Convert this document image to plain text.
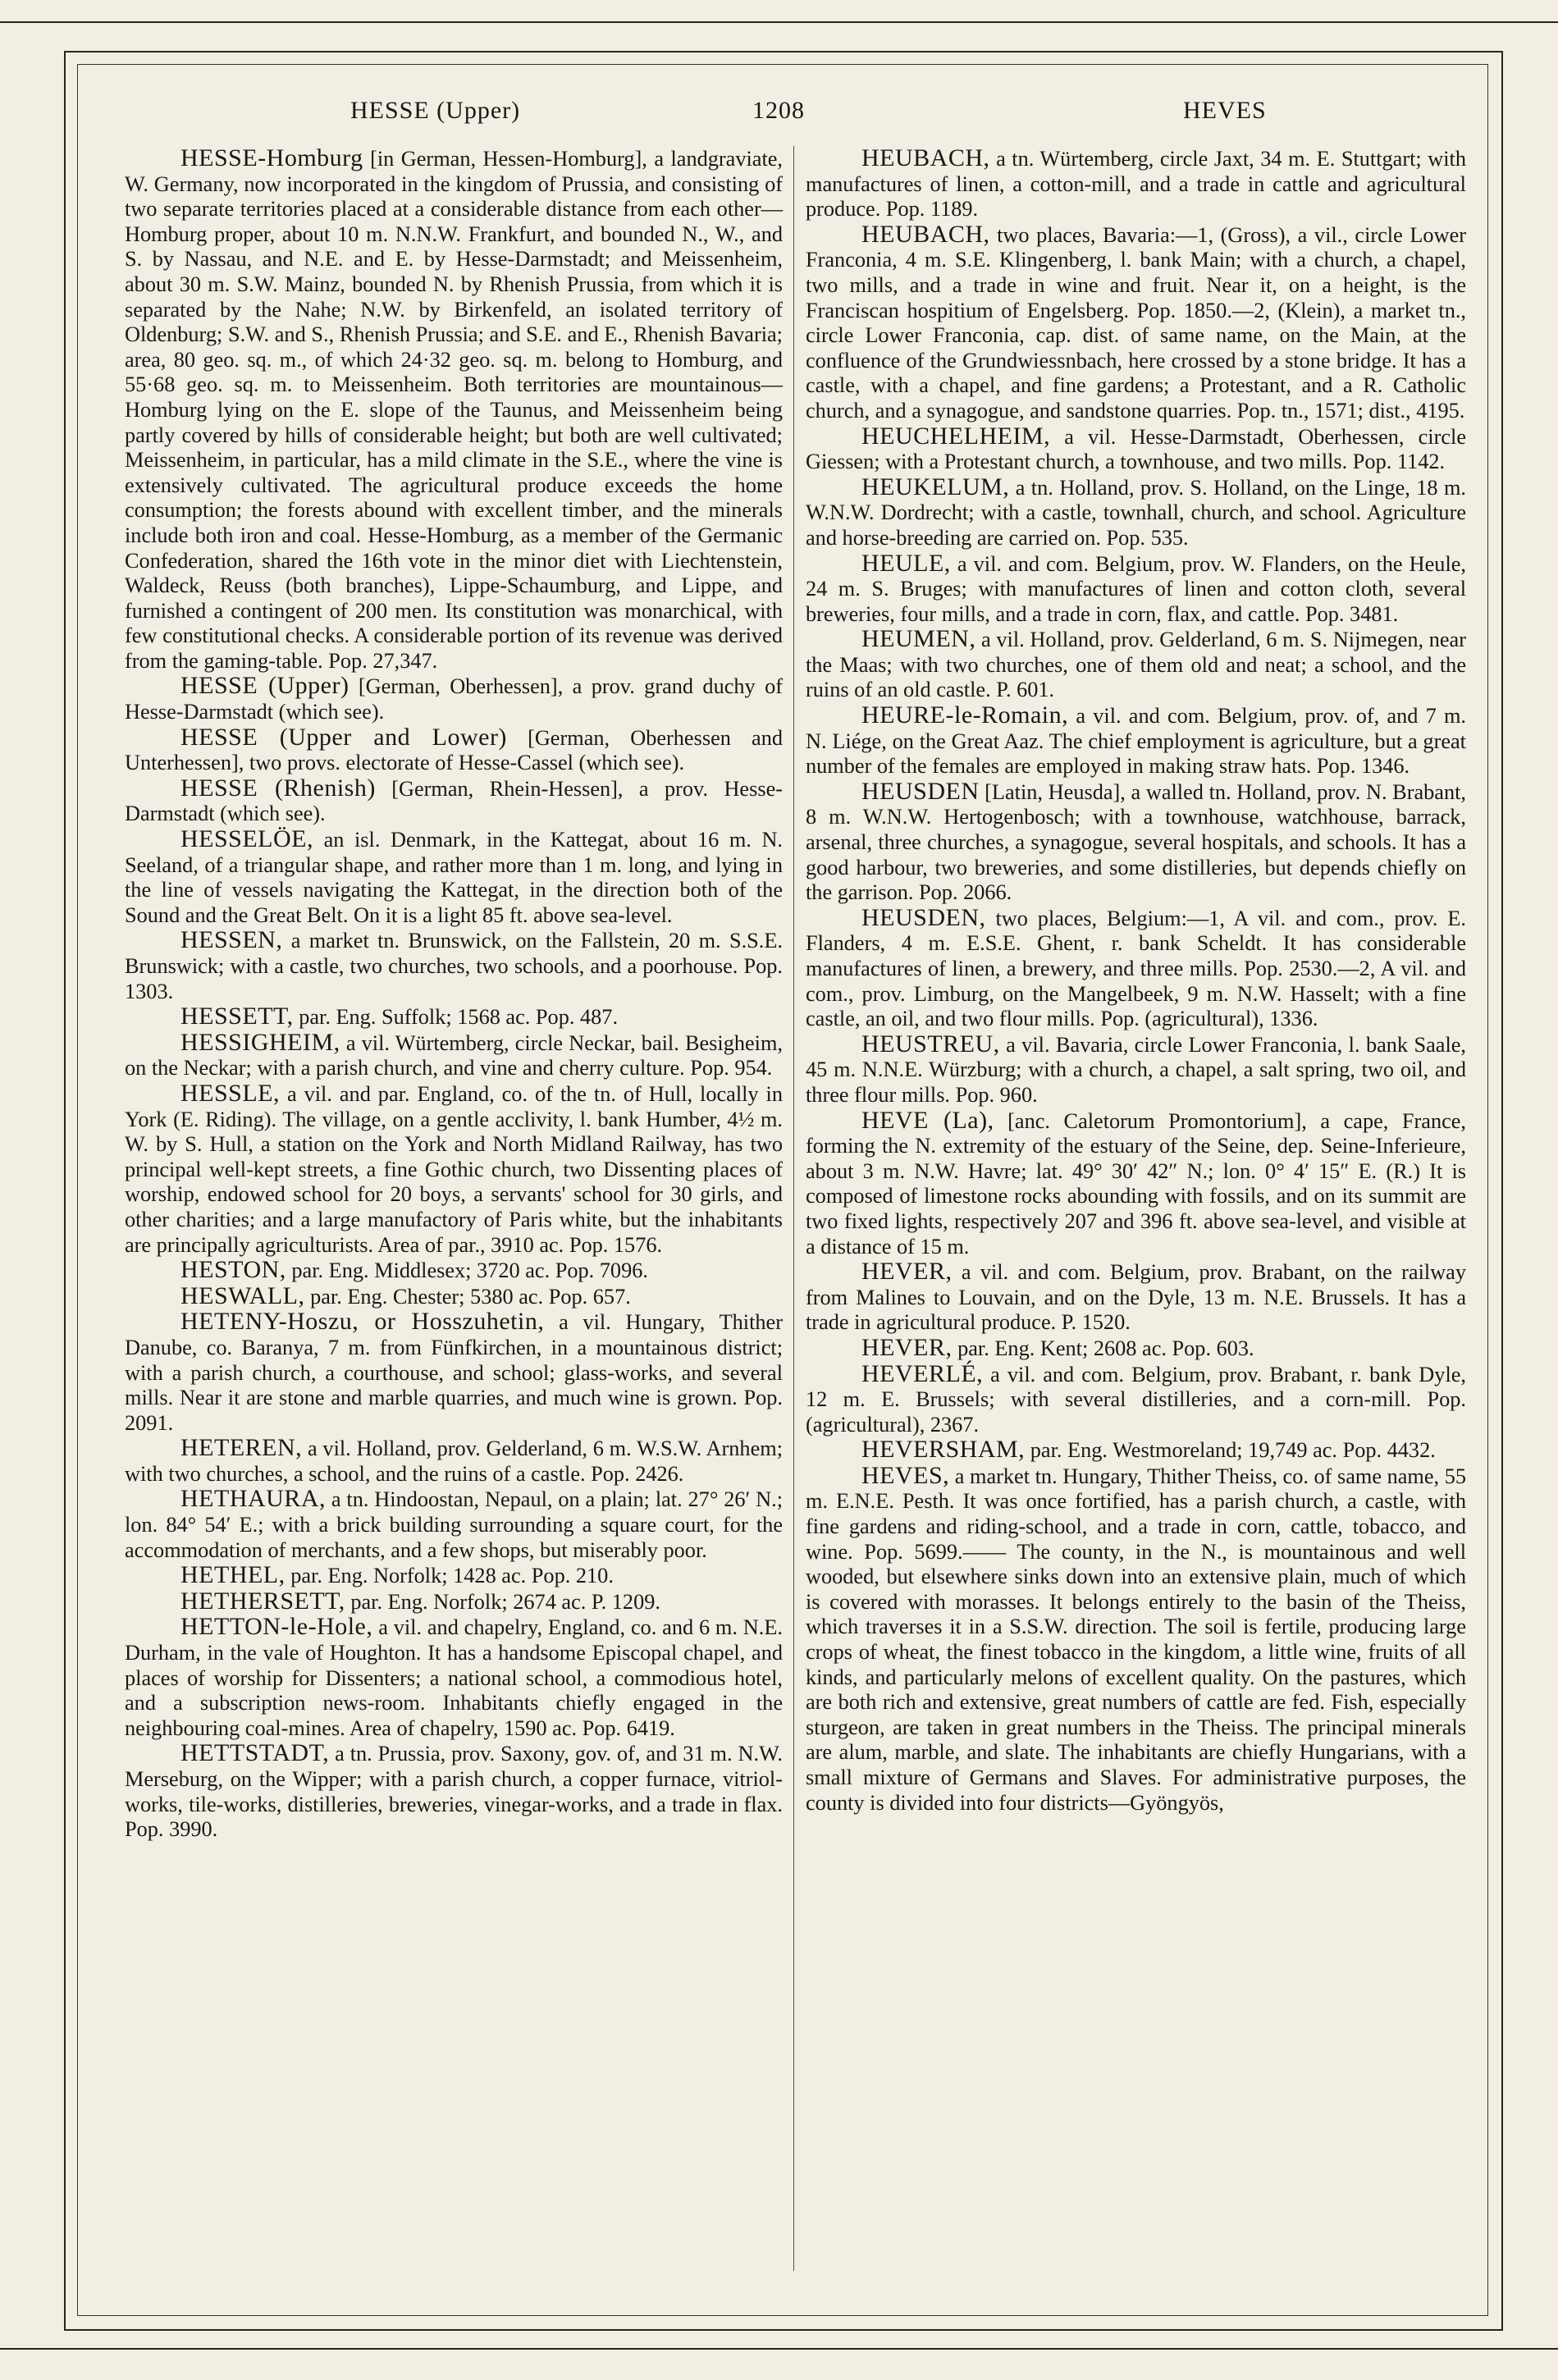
HESSE (Upper)	1208	HEVES

HESSE-Homburg [in German, Hessen-Homburg], a landgraviate, W. Germany, now incorporated in the kingdom of Prussia, and consisting of two separate territories placed at a considerable distance from each other—Homburg proper, about 10 m. N.N.W. Frankfurt, and bounded N., W., and S. by Nassau, and N.E. and E. by Hesse-Darmstadt; and Meissenheim, about 30 m. S.W. Mainz, bounded N. by Rhenish Prussia, from which it is separated by the Nahe; N.W. by Birkenfeld, an isolated territory of Oldenburg; S.W. and S., Rhenish Prussia; and S.E. and E., Rhenish Bavaria; area, 80 geo. sq. m., of which 24·32 geo. sq. m. belong to Homburg, and 55·68 geo. sq. m. to Meissenheim. Both territories are mountainous—Homburg lying on the E. slope of the Taunus, and Meissenheim being partly covered by hills of considerable height; but both are well cultivated; Meissenheim, in particular, has a mild climate in the S.E., where the vine is extensively cultivated. The agricultural produce exceeds the home consumption; the forests abound with excellent timber, and the minerals include both iron and coal. Hesse-Homburg, as a member of the Germanic Confederation, shared the 16th vote in the minor diet with Liechtenstein, Waldeck, Reuss (both branches), Lippe-Schaumburg, and Lippe, and furnished a contingent of 200 men. Its constitution was monarchical, with few constitutional checks. A considerable portion of its revenue was derived from the gaming-table. Pop. 27,347.

HESSE (Upper) [German, Oberhessen], a prov. grand duchy of Hesse-Darmstadt (which see).

HESSE (Upper and Lower) [German, Oberhessen and Unterhessen], two provs. electorate of Hesse-Cassel (which see).

HESSE (Rhenish) [German, Rhein-Hessen], a prov. Hesse-Darmstadt (which see).

HESSELÖE, an isl. Denmark, in the Kattegat, about 16 m. N. Seeland, of a triangular shape, and rather more than 1 m. long, and lying in the line of vessels navigating the Kattegat, in the direction both of the Sound and the Great Belt. On it is a light 85 ft. above sea-level.

HESSEN, a market tn. Brunswick, on the Fallstein, 20 m. S.S.E. Brunswick; with a castle, two churches, two schools, and a poorhouse. Pop. 1303.

HESSETT, par. Eng. Suffolk; 1568 ac. Pop. 487.

HESSIGHEIM, a vil. Würtemberg, circle Neckar, bail. Besigheim, on the Neckar; with a parish church, and vine and cherry culture. Pop. 954.

HESSLE, a vil. and par. England, co. of the tn. of Hull, locally in York (E. Riding). The village, on a gentle acclivity, l. bank Humber, 4½ m. W. by S. Hull, a station on the York and North Midland Railway, has two principal well-kept streets, a fine Gothic church, two Dissenting places of worship, endowed school for 20 boys, a servants' school for 30 girls, and other charities; and a large manufactory of Paris white, but the inhabitants are principally agriculturists. Area of par., 3910 ac. Pop. 1576.

HESTON, par. Eng. Middlesex; 3720 ac. Pop. 7096.

HESWALL, par. Eng. Chester; 5380 ac. Pop. 657.

HETENY-Hoszu, or Hosszuhetin, a vil. Hungary, Thither Danube, co. Baranya, 7 m. from Fünfkirchen, in a mountainous district; with a parish church, a courthouse, and school; glass-works, and several mills. Near it are stone and marble quarries, and much wine is grown. Pop. 2091.

HETEREN, a vil. Holland, prov. Gelderland, 6 m. W.S.W. Arnhem; with two churches, a school, and the ruins of a castle. Pop. 2426.

HETHAURA, a tn. Hindoostan, Nepaul, on a plain; lat. 27° 26′ N.; lon. 84° 54′ E.; with a brick building surrounding a square court, for the accommodation of merchants, and a few shops, but miserably poor.

HETHEL, par. Eng. Norfolk; 1428 ac. Pop. 210.

HETHERSETT, par. Eng. Norfolk; 2674 ac. P. 1209.

HETTON-le-Hole, a vil. and chapelry, England, co. and 6 m. N.E. Durham, in the vale of Houghton. It has a handsome Episcopal chapel, and places of worship for Dissenters; a national school, a commodious hotel, and a subscription news-room. Inhabitants chiefly engaged in the neighbouring coal-mines. Area of chapelry, 1590 ac. Pop. 6419.

HETTSTADT, a tn. Prussia, prov. Saxony, gov. of, and 31 m. N.W. Merseburg, on the Wipper; with a parish church, a copper furnace, vitriol-works, tile-works, distilleries, breweries, vinegar-works, and a trade in flax. Pop. 3990.

HEUBACH, a tn. Würtemberg, circle Jaxt, 34 m. E. Stuttgart; with manufactures of linen, a cotton-mill, and a trade in cattle and agricultural produce. Pop. 1189.

HEUBACH, two places, Bavaria:—1, (Gross), a vil., circle Lower Franconia, 4 m. S.E. Klingenberg, l. bank Main; with a church, a chapel, two mills, and a trade in wine and fruit. Near it, on a height, is the Franciscan hospitium of Engelsberg. Pop. 1850.—2, (Klein), a market tn., circle Lower Franconia, cap. dist. of same name, on the Main, at the confluence of the Grundwiessnbach, here crossed by a stone bridge. It has a castle, with a chapel, and fine gardens; a Protestant, and a R. Catholic church, and a synagogue, and sandstone quarries. Pop. tn., 1571; dist., 4195.

HEUCHELHEIM, a vil. Hesse-Darmstadt, Oberhessen, circle Giessen; with a Protestant church, a townhouse, and two mills. Pop. 1142.

HEUKELUM, a tn. Holland, prov. S. Holland, on the Linge, 18 m. W.N.W. Dordrecht; with a castle, townhall, church, and school. Agriculture and horse-breeding are carried on. Pop. 535.

HEULE, a vil. and com. Belgium, prov. W. Flanders, on the Heule, 24 m. S. Bruges; with manufactures of linen and cotton cloth, several breweries, four mills, and a trade in corn, flax, and cattle. Pop. 3481.

HEUMEN, a vil. Holland, prov. Gelderland, 6 m. S. Nijmegen, near the Maas; with two churches, one of them old and neat; a school, and the ruins of an old castle. P. 601.

HEURE-le-Romain, a vil. and com. Belgium, prov. of, and 7 m. N. Liége, on the Great Aaz. The chief employment is agriculture, but a great number of the females are employed in making straw hats. Pop. 1346.

HEUSDEN [Latin, Heusda], a walled tn. Holland, prov. N. Brabant, 8 m. W.N.W. Hertogenbosch; with a townhouse, watchhouse, barrack, arsenal, three churches, a synagogue, several hospitals, and schools. It has a good harbour, two breweries, and some distilleries, but depends chiefly on the garrison. Pop. 2066.

HEUSDEN, two places, Belgium:—1, A vil. and com., prov. E. Flanders, 4 m. E.S.E. Ghent, r. bank Scheldt. It has considerable manufactures of linen, a brewery, and three mills. Pop. 2530.—2, A vil. and com., prov. Limburg, on the Mangelbeek, 9 m. N.W. Hasselt; with a fine castle, an oil, and two flour mills. Pop. (agricultural), 1336.

HEUSTREU, a vil. Bavaria, circle Lower Franconia, l. bank Saale, 45 m. N.N.E. Würzburg; with a church, a chapel, a salt spring, two oil, and three flour mills. Pop. 960.

HEVE (La), [anc. Caletorum Promontorium], a cape, France, forming the N. extremity of the estuary of the Seine, dep. Seine-Inferieure, about 3 m. N.W. Havre; lat. 49° 30′ 42″ N.; lon. 0° 4′ 15″ E. (R.) It is composed of limestone rocks abounding with fossils, and on its summit are two fixed lights, respectively 207 and 396 ft. above sea-level, and visible at a distance of 15 m.

HEVER, a vil. and com. Belgium, prov. Brabant, on the railway from Malines to Louvain, and on the Dyle, 13 m. N.E. Brussels. It has a trade in agricultural produce. P. 1520.

HEVER, par. Eng. Kent; 2608 ac. Pop. 603.

HEVERLÉ, a vil. and com. Belgium, prov. Brabant, r. bank Dyle, 12 m. E. Brussels; with several distilleries, and a corn-mill. Pop. (agricultural), 2367.

HEVERSHAM, par. Eng. Westmoreland; 19,749 ac. Pop. 4432.

HEVES, a market tn. Hungary, Thither Theiss, co. of same name, 55 m. E.N.E. Pesth. It was once fortified, has a parish church, a castle, with fine gardens and riding-school, and a trade in corn, cattle, tobacco, and wine. Pop. 5699.—— The county, in the N., is mountainous and well wooded, but elsewhere sinks down into an extensive plain, much of which is covered with morasses. It belongs entirely to the basin of the Theiss, which traverses it in a S.S.W. direction. The soil is fertile, producing large crops of wheat, the finest tobacco in the kingdom, a little wine, fruits of all kinds, and particularly melons of excellent quality. On the pastures, which are both rich and extensive, great numbers of cattle are fed. Fish, especially sturgeon, are taken in great numbers in the Theiss. The principal minerals are alum, marble, and slate. The inhabitants are chiefly Hungarians, with a small mixture of Germans and Slaves. For administrative purposes, the county is divided into four districts—Gyöngyös,
